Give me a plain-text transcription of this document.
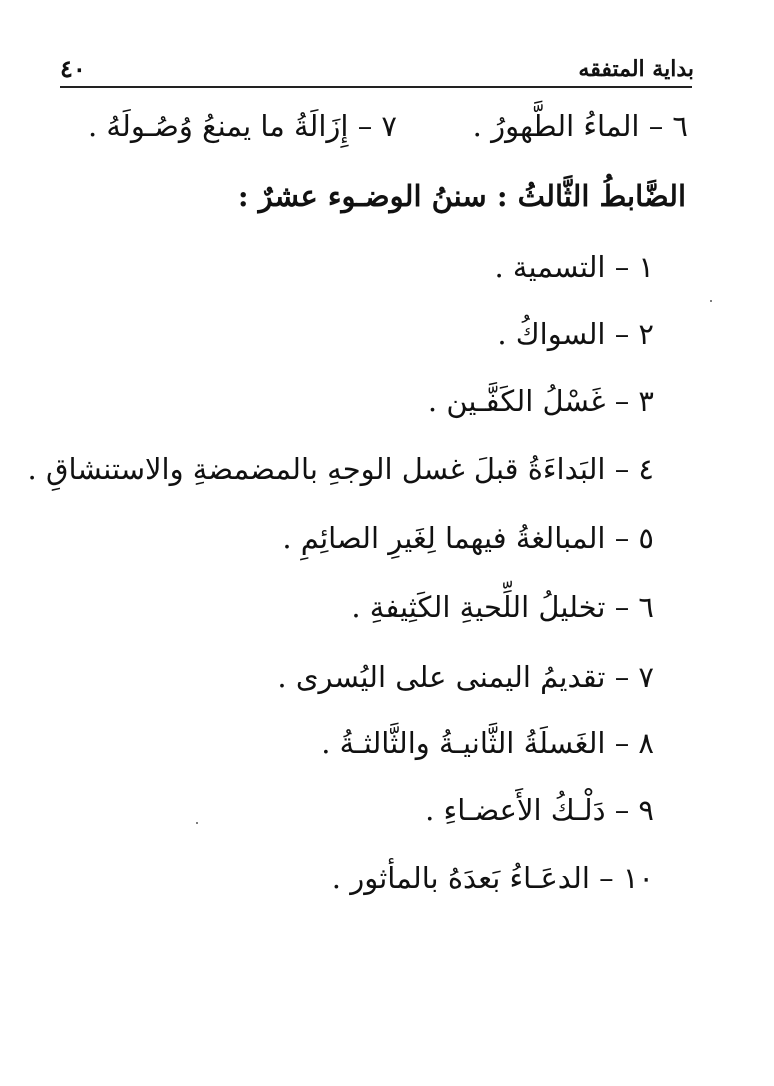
بداية المتفقه
٤٠
٦ – الماءُ الطَّهورُ .
٧ – إِزَالَةُ ما يمنعُ وُصُـولَهُ .
الضَّابطُ الثَّالثُ : سننُ الوضـوء عشرٌ :
١ – التسمية .
٢ – السواكُ .
٣ – غَسْلُ الكَفَّـين .
٤ – البَداءَةُ قبلَ غسل الوجهِ بالمضمضةِ والاستنشاقِ .
٥ – المبالغةُ فيهما لِغَيرِ الصائِمِ .
٦ – تخليلُ اللِّحيةِ الكَثِيفةِ .
٧ – تقديمُ اليمنى على اليُسرى .
٨ – الغَسلَةُ الثَّانيـةُ والثَّالثـةُ .
٩ – دَلْـكُ الأَعضـاءِ .
١٠ – الدعَـاءُ بَعدَهُ بالمأثور .
